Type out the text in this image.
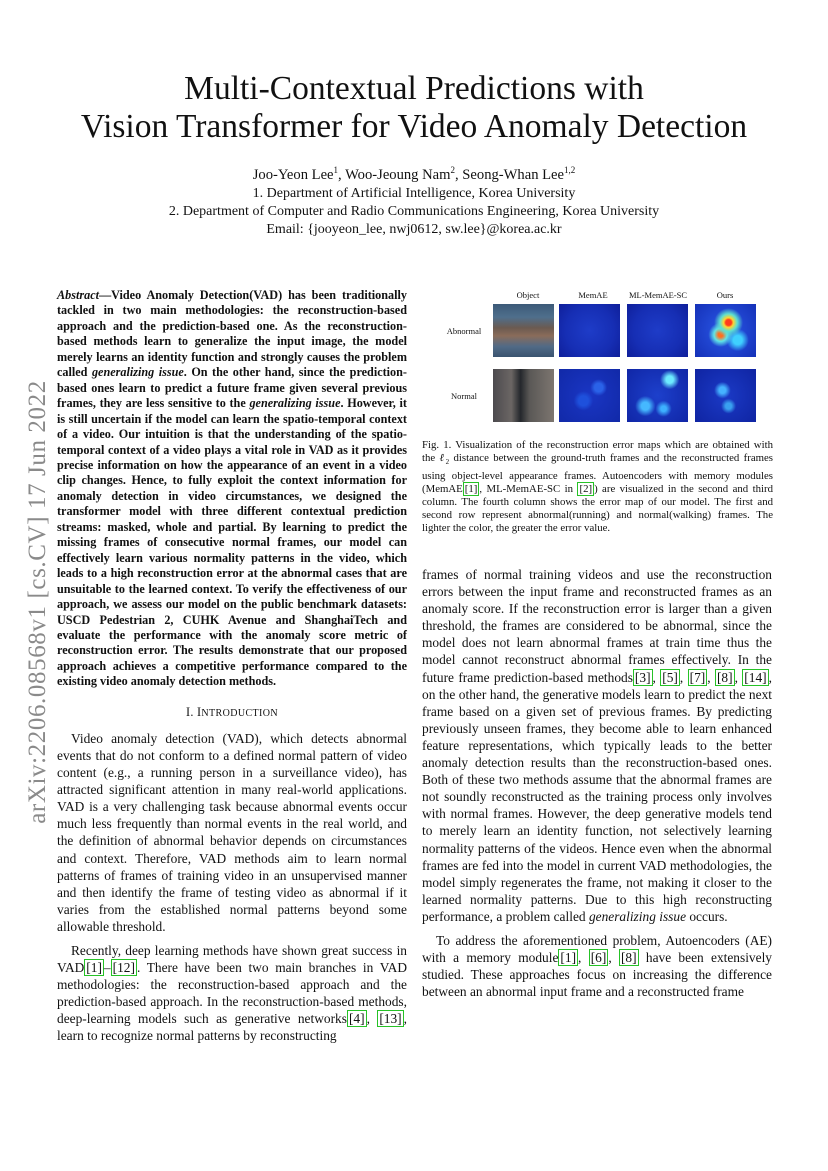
arXiv:2206.08568v1 [cs.CV] 17 Jun 2022
Multi-Contextual Predictions with
Vision Transformer for Video Anomaly Detection
Joo-Yeon Lee$^1$, Woo-Jeoung Nam$^2$, Seong-Whan Lee$^{1,2}$
1. Department of Artificial Intelligence, Korea University
2. Department of Computer and Radio Communications Engineering, Korea University
Email: {jooyeon_lee, nwj0612, sw.lee}@korea.ac.kr
Abstract—Video Anomaly Detection(VAD) has been traditionally tackled in two main methodologies: the reconstruction-based approach and the prediction-based one. As the reconstruction-based methods learn to generalize the input image, the model merely learns an identity function and strongly causes the problem called generalizing issue. On the other hand, since the prediction-based ones learn to predict a future frame given several previous frames, they are less sensitive to the generalizing issue. However, it is still uncertain if the model can learn the spatio-temporal context of a video. Our intuition is that the understanding of the spatio-temporal context of a video plays a vital role in VAD as it provides precise information on how the appearance of an event in a video clip changes. Hence, to fully exploit the context information for anomaly detection in video circumstances, we designed the transformer model with three different contextual prediction streams: masked, whole and partial. By learning to predict the missing frames of consecutive normal frames, our model can effectively learn various normality patterns in the video, which leads to a high reconstruction error at the abnormal cases that are unsuitable to the learned context. To verify the effectiveness of our approach, we assess our model on the public benchmark datasets: USCD Pedestrian 2, CUHK Avenue and ShanghaiTech and evaluate the performance with the anomaly score metric of reconstruction error. The results demonstrate that our proposed approach achieves a competitive performance compared to the existing video anomaly detection methods.
I. INTRODUCTION

Video anomaly detection (VAD), which detects abnormal events that do not conform to a defined normal pattern of video content (e.g., a running person in a surveillance video), has attracted significant attention in many real-world applications. VAD is a very challenging task because abnormal events occur much less frequently than normal events in the real world, and the definition of abnormal behavior depends on circumstances and context. Therefore, VAD methods aim to learn normal patterns of frames of training video in an unsupervised manner and then identify the frame of testing video as abnormal if it varies from the established normal patterns beyond some allowable threshold.

Recently, deep learning methods have shown great success in VAD [1] – [12] . There have been two main branches in VAD methodologies: the reconstruction-based approach and the prediction-based approach. In the reconstruction-based methods, deep-learning models such as generative networks [4] , [13] , learn to recognize normal patterns by reconstructing

Object	MemAE	ML-MemAE-SC	Ours
Abnormal
Normal
Fig. 1. Visualization of the reconstruction error maps which are obtained with the ℓ$_2$ distance between the ground-truth frames and the reconstructed frames using object-level appearance frames. Autoencoders with memory modules (MemAE [1] , ML-MemAE-SC in [2] ) are visualized in the second and third column. The fourth column shows the error map of our model. The first and second row represent abnormal(running) and normal(walking) frames. The lighter the color, the greater the error value.

frames of normal training videos and use the reconstruction errors between the input frame and reconstructed frames as an anomaly score. If the reconstruction error is larger than a given threshold, the frames are considered to be abnormal, since the model does not learn abnormal frames at train time thus the model cannot reconstruct abnormal frames effectively. In the future frame prediction-based methods [3] , [5] , [7] , [8] , [14] , on the other hand, the generative models learn to predict the next frame based on a given set of previous frames. By predicting previously unseen frames, they become able to learn enhanced feature representations, which typically leads to the better anomaly detection results than the reconstruction-based ones. Both of these two methods assume that the abnormal frames are not soundly reconstructed as the training process only involves with normal frames. However, the deep generative models tend to merely learn an identity function, not selectively learning normality patterns of the videos. Hence even when the abnormal frames are fed into the model in current VAD methodologies, the model simply regenerates the frame, not making it closer to the learned normality patterns. Due to this high reconstructing performance, a problem called generalizing issue occurs.

To address the aforementioned problem, Autoencoders (AE) with a memory module [1] , [6] , [8] have been extensively studied. These approaches focus on increasing the difference between an abnormal input frame and a reconstructed frame
